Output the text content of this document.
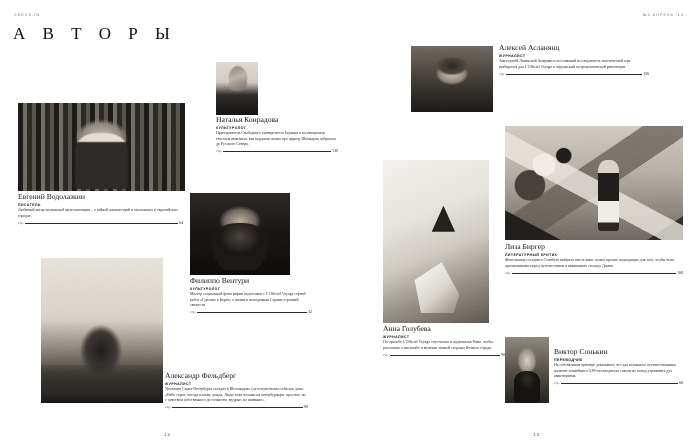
CHECK-IN	№4 АПРЕЛЬ '13
А В Т О Р Ы
Евгений Водолазкин
ПИСАТЕЛЬ
Любимый автор московской интеллигенции – о тайной жизниימерей в московских и европейских городах.
стр.	64
Наталья Конрадова
КУЛЬТУРОЛОГ
Преподаватель Свободного университета Берлина и коллекционер текстиля выяснила, как курдская сказка про царицу Шахмаран добралась до Русского Севера.
стр.	130
Филиппо Вентури
КУЛЬТУРОЛОГ
Мастер социальной фотографии подготовил с L'Officiel Voyage серией работ «Сделано в Корее» о жизни в молодежная Страны утренней свежести.
стр.	42
Александр Фельдберг
ЖУРНАЛИСТ
Уроженец Санкт-Петербурга съездил в Шотландию, где почувствовал себя как дома: «Небо серое, погода плохая, дождь. Люди тоже похожи на петербуржцев, простые, но с чувством собственного достоинства, мудрые, но наивные».
стр.	88
Алексей Асланянц
ЖУРНАЛИСТ
Завсегдатай Латинской Америки и постоянный исследователь экзотической еды разбирался для L'Officiel Voyage в перуанский гастрономической революции.
стр.	156
Анна Голубева
ЖУРНАЛИСТ
По просьбе L'Officiel Voyage спустилась в подземелья Рима, чтобы рассказать о масштабе и величии темной стороны Вечного города.
стр.	90
Лиза Биргер
ЛИТЕРАТУРНЫЙ КРИТИК
Жительница соседнего Стамбула выбрала шесть книг, лучше прочих подходящих для того, чтобы быть прочитанными перед путешествием в нынешнюю столицу Дании.
стр.	168
Виктор Сонькин
ПЕРЕВОДЧИК
На собственном примере доказывает, что для истинного путешественника наличие точнейшего GPS-путеводителя совсем не повод утрачивать дух авантюризма.
стр.	66
12	13
